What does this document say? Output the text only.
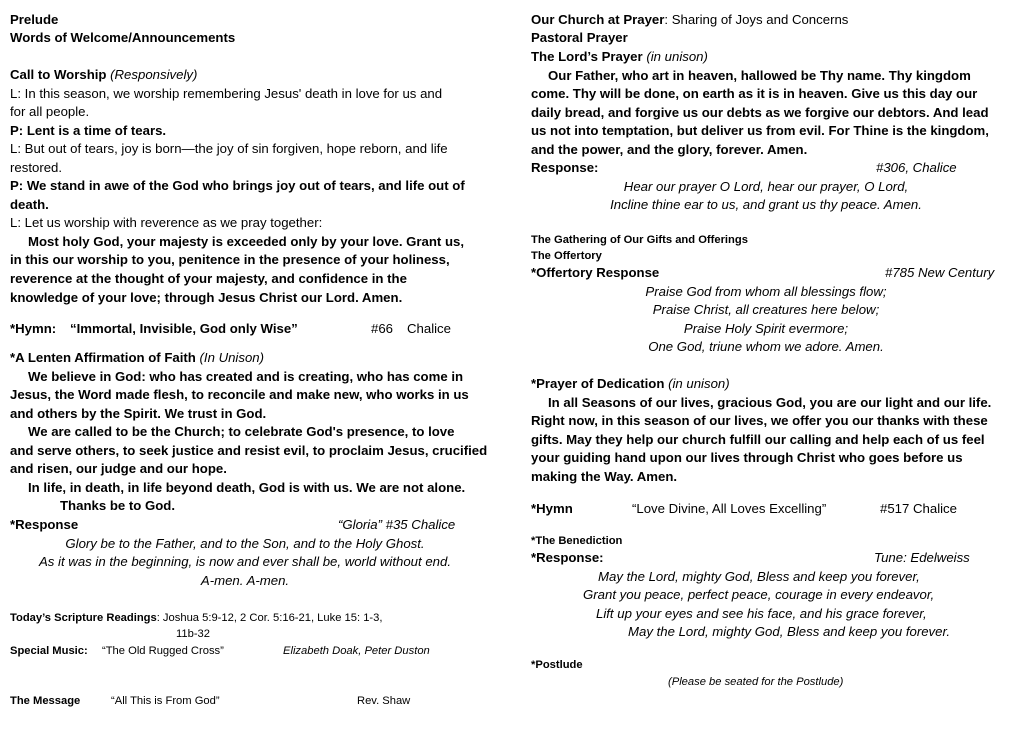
Prelude
Words of Welcome/Announcements
Call to Worship (Responsively)
L: In this season, we worship remembering Jesus' death in love for us and
for all people.
P: Lent is a time of tears.
L: But out of tears, joy is born—the joy of sin forgiven, hope reborn, and life
restored.
P: We stand in awe of the God who brings joy out of tears, and life out of
death.
L: Let us worship with reverence as we pray together:
Most holy God, your majesty is exceeded only by your love. Grant us,
in this our worship to you, penitence in the presence of your holiness,
reverence at the thought of your majesty, and confidence in the
knowledge of your love; through Jesus Christ our Lord. Amen.
*Hymn: “Immortal, Invisible, God only Wise”	#66 Chalice
*A Lenten Affirmation of Faith (In Unison)
We believe in God: who has created and is creating, who has come in
Jesus, the Word made flesh, to reconcile and make new, who works in us
and others by the Spirit. We trust in God.
We are called to be the Church; to celebrate God's presence, to love
and serve others, to seek justice and resist evil, to proclaim Jesus, crucified
and risen, our judge and our hope.
In life, in death, in life beyond death, God is with us. We are not alone.
Thanks be to God.
*Response	“Gloria” #35 Chalice
Glory be to the Father, and to the Son, and to the Holy Ghost.
As it was in the beginning, is now and ever shall be, world without end.
A-men. A-men.
Today’s Scripture Readings: Joshua 5:9-12, 2 Cor. 5:16-21, Luke 15: 1-3,
11b-32
Special Music: “The Old Rugged Cross”	Elizabeth Doak, Peter Duston
The Message	“All This is From God”	Rev. Shaw
Our Church at Prayer: Sharing of Joys and Concerns
Pastoral Prayer
The Lord’s Prayer (in unison)
Our Father, who art in heaven, hallowed be Thy name. Thy kingdom
come. Thy will be done, on earth as it is in heaven. Give us this day our
daily bread, and forgive us our debts as we forgive our debtors. And lead
us not into temptation, but deliver us from evil. For Thine is the kingdom,
and the power, and the glory, forever. Amen.
Response:	#306, Chalice
Hear our prayer O Lord, hear our prayer, O Lord,
Incline thine ear to us, and grant us thy peace. Amen.
The Gathering of Our Gifts and Offerings
The Offertory
*Offertory Response	#785 New Century
Praise God from whom all blessings flow;
Praise Christ, all creatures here below;
Praise Holy Spirit evermore;
One God, triune whom we adore. Amen.
*Prayer of Dedication (in unison)
In all Seasons of our lives, gracious God, you are our light and our life.
Right now, in this season of our lives, we offer you our thanks with these
gifts. May they help our church fulfill our calling and help each of us feel
your guiding hand upon our lives through Christ who goes before us
making the Way. Amen.
*Hymn	“Love Divine, All Loves Excelling”	#517 Chalice
*The Benediction
*Response:	Tune: Edelweiss
May the Lord, mighty God, Bless and keep you forever,
Grant you peace, perfect peace, courage in every endeavor,
Lift up your eyes and see his face, and his grace forever,
May the Lord, mighty God, Bless and keep you forever.
*Postlude
(Please be seated for the Postlude)
